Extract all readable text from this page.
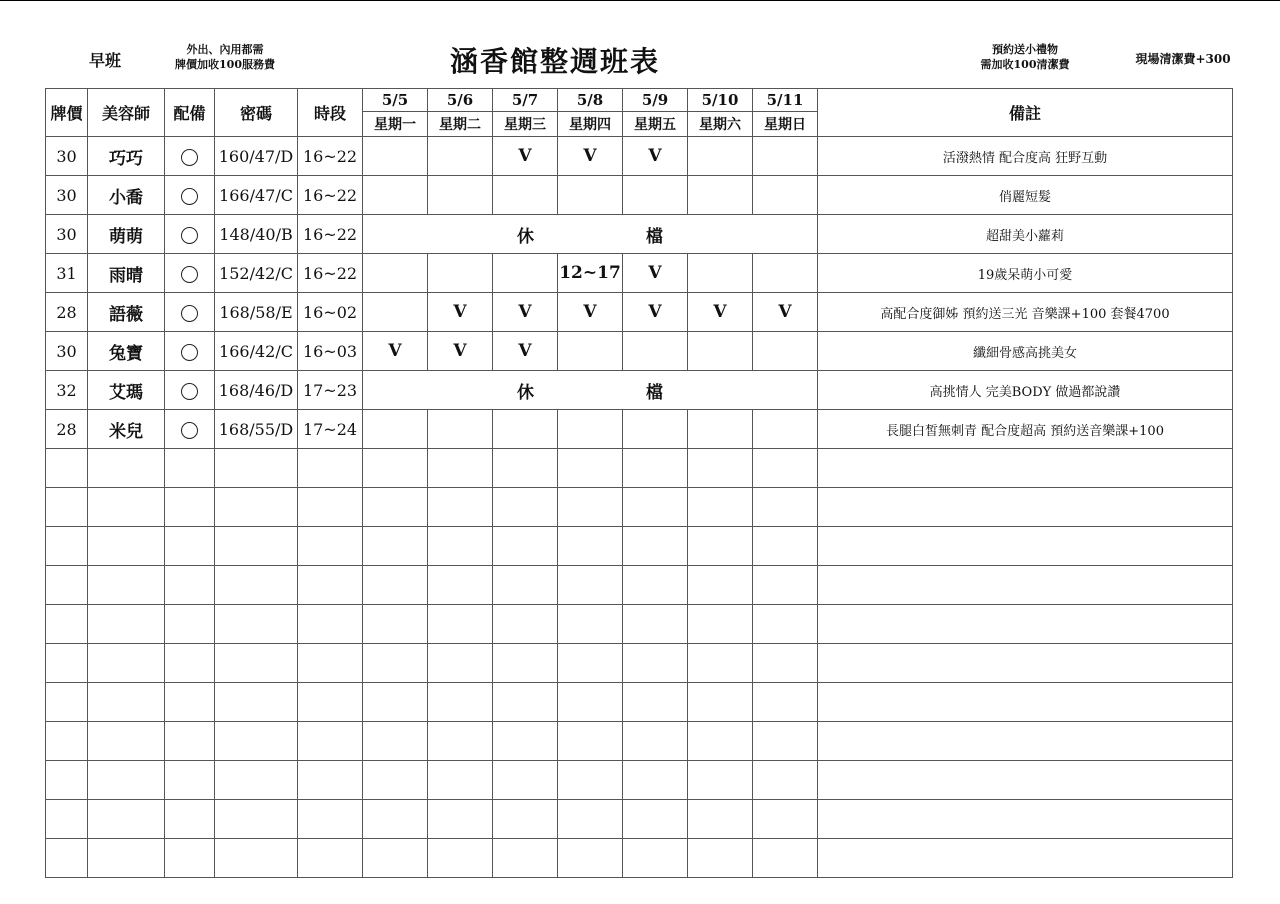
早班
外出、內用都需
牌價加收100服務費	涵香館整週班表	預約送小禮物
需加收100清潔費	現場清潔費+300
牌價	美容師	配備	密碼	時段	5/5	5/6	5/7	5/8	5/9	5/10	5/11	備註
					星期一	星期二	星期三	星期四	星期五	星期六	星期日	
30	巧巧		160/47/D	16~22			V	V	V			活潑熱情 配合度高 狂野互動
30	小喬		166/47/C	16~22								俏麗短髮
30	萌萌		148/40/B	16~22	休 檔							超甜美小蘿莉
31	雨晴		152/42/C	16~22				12~17	V			19歲呆萌小可愛
28	語薇		168/58/E	16~02		V	V	V	V	V	V	高配合度御姊 預約送三光 音樂課+100 套餐4700
30	兔寶		166/42/C	16~03	V	V	V					纖細骨感高挑美女
32	艾瑪		168/46/D	17~23	休 檔							高挑情人 完美BODY 做過都說讚
28	米兒		168/55/D	17~24								長腿白皙無刺青 配合度超高 預約送音樂課+100
